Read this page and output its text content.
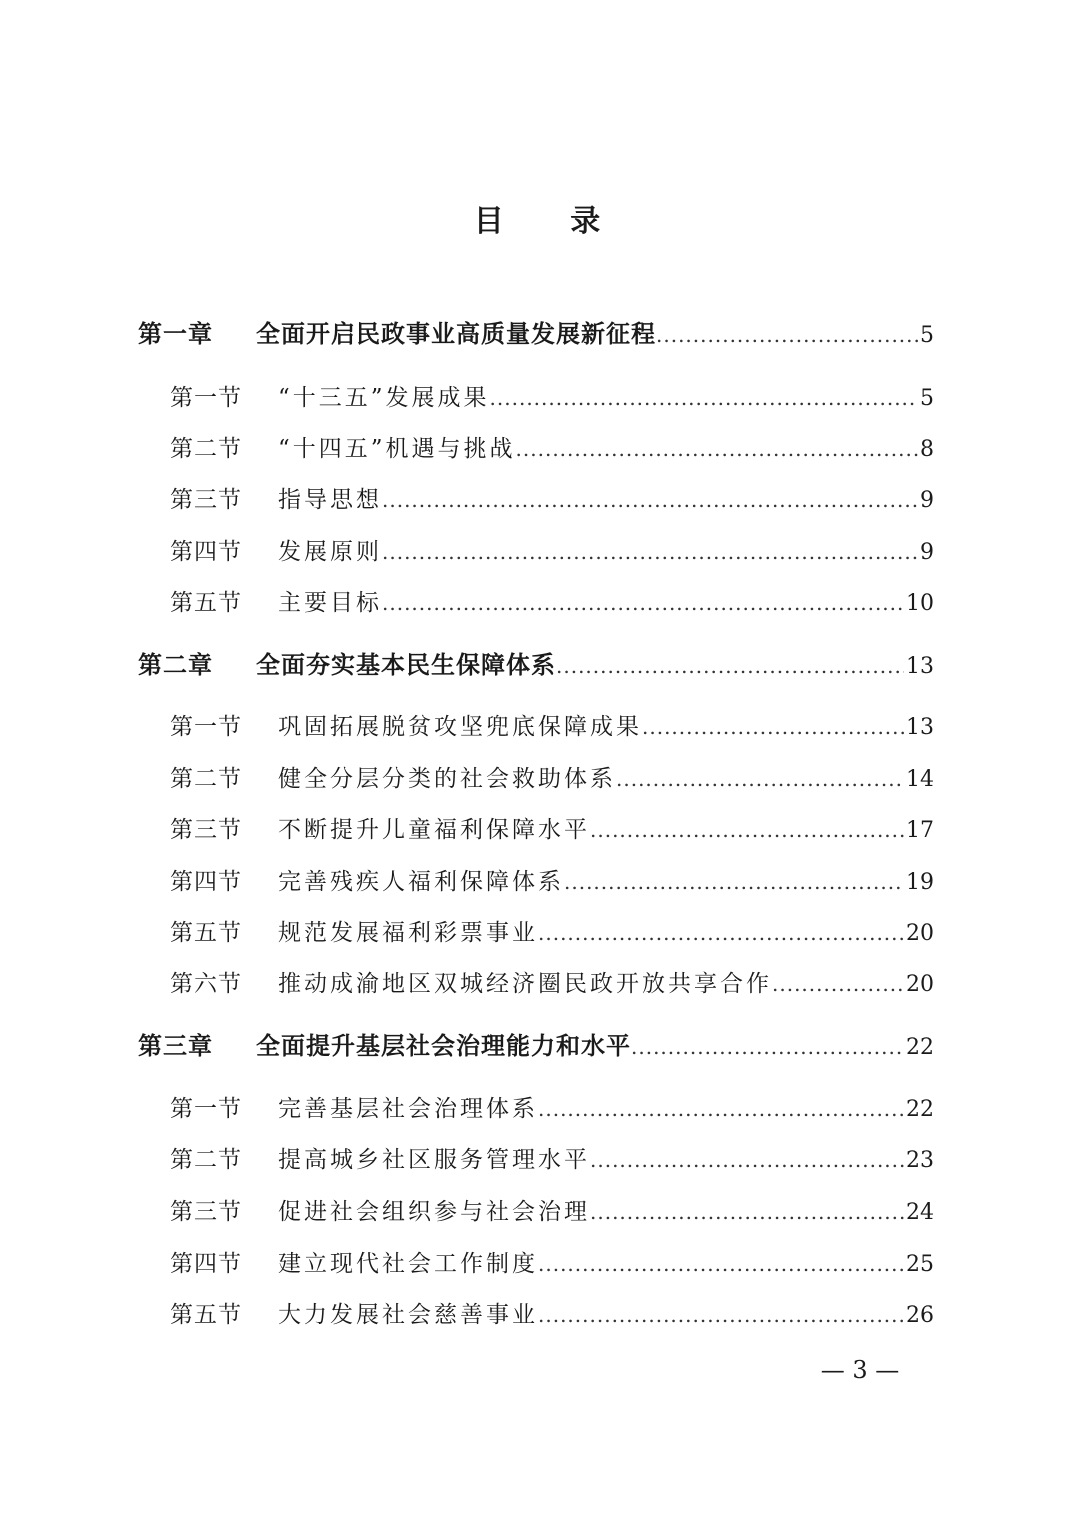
目 录
第一章	全面开启民政事业高质量发展新征程 .....	5
第一节	“十三五”发展成果 .....	5
第二节	“十四五”机遇与挑战 .....	8
第三节	指导思想 .....	9
第四节	发展原则 .....	9
第五节	主要目标 .....	10
第二章	全面夯实基本民生保障体系 .....	13
第一节	巩固拓展脱贫攻坚兜底保障成果 .....	13
第二节	健全分层分类的社会救助体系 .....	14
第三节	不断提升儿童福利保障水平 .....	17
第四节	完善残疾人福利保障体系 .....	19
第五节	规范发展福利彩票事业 .....	20
第六节	推动成渝地区双城经济圈民政开放共享合作 .....	20
第三章	全面提升基层社会治理能力和水平 .....	22
第一节	完善基层社会治理体系 .....	22
第二节	提高城乡社区服务管理水平 .....	23
第三节	促进社会组织参与社会治理 .....	24
第四节	建立现代社会工作制度 .....	25
第五节	大力发展社会慈善事业 .....	26
— 3 —
